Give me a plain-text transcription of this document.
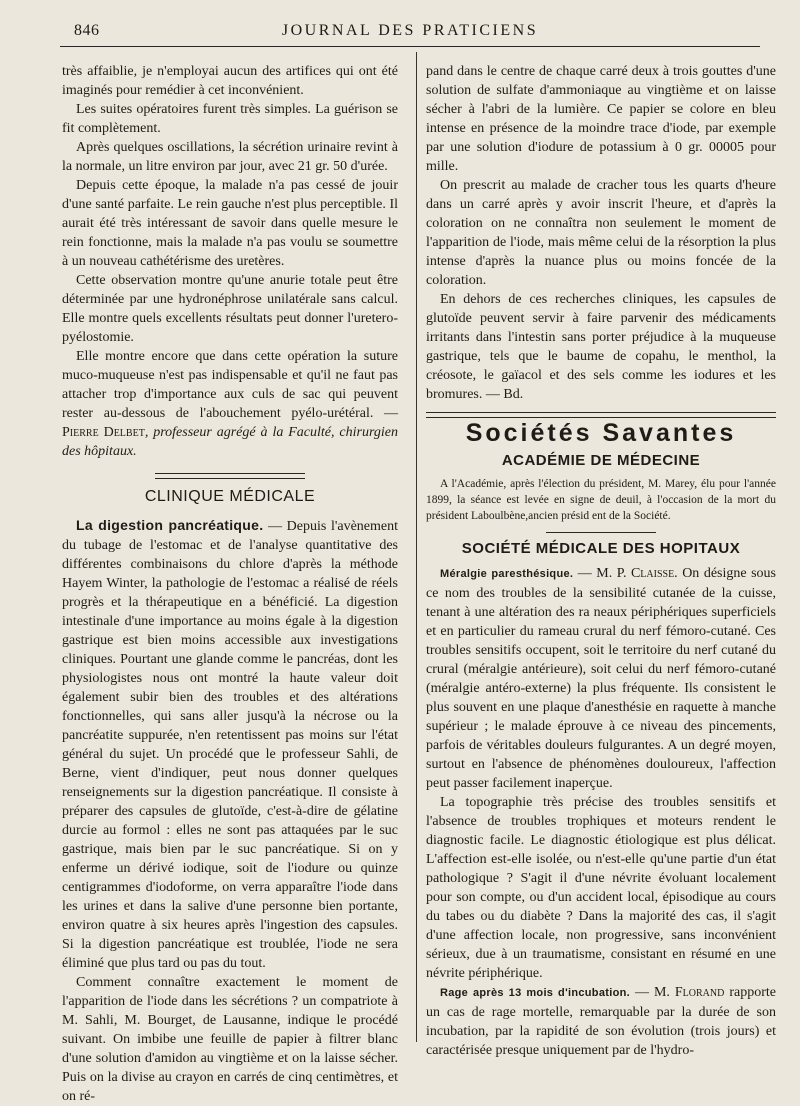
846	JOURNAL DES PRATICIENS

très affaiblie, je n'employai aucun des artifices qui ont été imaginés pour remédier à cet inconvénient.

Les suites opératoires furent très simples. La guérison se fit complètement.

Après quelques oscillations, la sécrétion urinaire revint à la normale, un litre environ par jour, avec 21 gr. 50 d'urée.

Depuis cette époque, la malade n'a pas cessé de jouir d'une santé parfaite. Le rein gauche n'est plus perceptible. Il aurait été très intéressant de savoir dans quelle mesure le rein fonctionne, mais la malade n'a pas voulu se soumettre à un nouveau cathétérisme des uretères.

Cette observation montre qu'une anurie totale peut être déterminée par une hydronéphrose unilatérale sans calcul. Elle montre quels excellents résultats peut donner l'uretero-pyélostomie.

Elle montre encore que dans cette opération la suture muco-muqueuse n'est pas indispensable et qu'il ne faut pas attacher trop d'importance aux culs de sac qui peuvent rester au-dessous de l'abouchement pyélo-urétéral. — Pierre Delbet, professeur agrégé à la Faculté, chirurgien des hôpitaux.

CLINIQUE MÉDICALE

La digestion pancréatique. — Depuis l'avènement du tubage de l'estomac et de l'analyse quantitative des différentes combinaisons du chlore d'après la méthode Hayem Winter, la pathologie de l'estomac a réalisé de réels progrès et la thérapeutique en a bénéficié. La digestion intestinale d'une importance au moins égale à la digestion gastrique est bien moins accessible aux investigations cliniques. Pourtant une glande comme le pancréas, dont les physiologistes nous ont montré la haute valeur doit également subir bien des troubles et des altérations fonctionnelles, qui sans aller jusqu'à la nécrose ou la pancréatite suppurée, n'en retentissent pas moins sur l'état général du sujet. Un procédé que le professeur Sahli, de Berne, vient d'indiquer, peut nous donner quelques renseignements sur la digestion pancréatique. Il consiste à préparer des capsules de glutoïde, c'est-à-dire de gélatine durcie au formol : elles ne sont pas attaquées par le suc gastrique, mais bien par le suc pancréatique. Si on y enferme un dérivé iodique, soit de l'iodure ou quinze centigrammes d'iodoforme, on verra apparaître l'iode dans les urines et dans la salive d'une personne bien portante, environ quatre à six heures après l'ingestion des capsules. Si la digestion pancréatique est troublée, l'iode ne sera éliminé que plus tard ou pas du tout.

Comment connaître exactement le moment de l'apparition de l'iode dans les sécrétions ? un compatriote à M. Sahli, M. Bourget, de Lausanne, indique le procédé suivant. On imbibe une feuille de papier à filtrer blanc d'une solution d'amidon au vingtième et on la laisse sécher. Puis on la divise au crayon en carrés de cinq centimètres, et on ré-

pand dans le centre de chaque carré deux à trois gouttes d'une solution de sulfate d'ammoniaque au vingtième et on laisse sécher à l'abri de la lumière. Ce papier se colore en bleu intense en présence de la moindre trace d'iode, par exemple par une solution d'iodure de potassium à 0 gr. 00005 pour mille.

On prescrit au malade de cracher tous les quarts d'heure dans un carré après y avoir inscrit l'heure, et d'après la coloration on ne connaîtra non seulement le moment de l'apparition de l'iode, mais même celui de la résorption la plus intense d'après la nuance plus ou moins foncée de la coloration.

En dehors de ces recherches cliniques, les capsules de glutoïde peuvent servir à faire parvenir des médicaments irritants dans l'intestin sans porter préjudice à la muqueuse gastrique, tels que le baume de copahu, le menthol, la créosote, le gaïacol et des sels comme les iodures et les bromures. — Bd.

Sociétés Savantes
ACADÉMIE DE MÉDECINE

A l'Académie, après l'élection du président, M. Marey, élu pour l'année 1899, la séance est levée en signe de deuil, à l'occasion de la mort du président Laboulbène,ancien présid ent de la Société.

SOCIÉTÉ MÉDICALE DES HOPITAUX

Méralgie paresthésique. — M. P. Claisse. On désigne sous ce nom des troubles de la sensibilité cutanée de la cuisse, tenant à une altération des ra neaux périphériques superficiels et en particulier du rameau crural du nerf fémoro-cutané. Ces troubles sensitifs occupent, soit le territoire du nerf cutané du crural (méralgie antérieure), soit celui du nerf fémoro-cutané (méralgie antéro-externe) la plus fréquente. Ils consistent le plus souvent en une plaque d'anesthésie en raquette à manche supérieur ; le malade éprouve à ce niveau des pincements, parfois de véritables douleurs fulgurantes. A un degré moyen, surtout en l'absence de phénomènes douloureux, l'affection peut passer facilement inaperçue.

La topographie très précise des troubles sensitifs et l'absence de troubles trophiques et moteurs rendent le diagnostic facile. Le diagnostic étiologique est plus délicat. L'affection est-elle isolée, ou n'est-elle qu'une partie d'un état pathologique ? S'agit il d'une névrite évoluant localement pour son compte, ou d'un accident local, épisodique au cours du tabes ou du diabète ? Dans la majorité des cas, il s'agit d'une affection locale, non progressive, sans inconvénient sérieux, due à un traumatisme, consistant en résumé en une névrite périphérique.

Rage après 13 mois d'incubation. — M. Florand rapporte un cas de rage mortelle, remarquable par la durée de son incubation, par la rapidité de son évolution (trois jours) et caractérisée presque uniquement par de l'hydro-
